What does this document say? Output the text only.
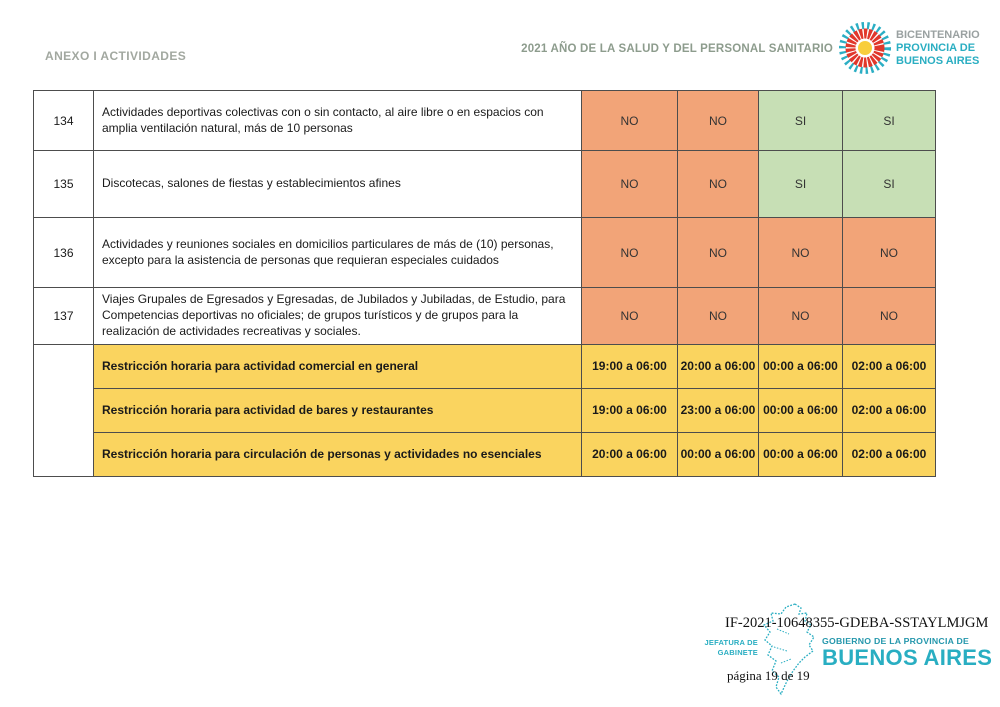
ANEXO I ACTIVIDADES	2021 AÑO DE LA SALUD Y DEL PERSONAL SANITARIO
BICENTENARIO
PROVINCIA DE
BUENOS AIRES
134	Actividades deportivas colectivas con o sin contacto, al aire libre o en espacios con amplia ventilación natural, más de 10 personas	NO	NO	SI	SI
135	Discotecas, salones de fiestas y establecimientos afines	NO	NO	SI	SI
136	Actividades y reuniones sociales en domicilios particulares de más de (10) personas, excepto para la asistencia de personas que requieran especiales cuidados	NO	NO	NO	NO
137	Viajes Grupales de Egresados y Egresadas, de Jubilados y Jubiladas, de Estudio, para Competencias deportivas no oficiales; de grupos turísticos y de grupos para la realización de actividades recreativas y sociales.	NO	NO	NO	NO
	Restricción horaria para actividad comercial en general	19:00 a 06:00	20:00 a 06:00	00:00 a 06:00	02:00 a 06:00
	Restricción horaria para actividad de bares y restaurantes	19:00 a 06:00	23:00 a 06:00	00:00 a 06:00	02:00 a 06:00
	Restricción horaria para circulación de personas y actividades no esenciales	20:00 a 06:00	00:00 a 06:00	00:00 a 06:00	02:00 a 06:00
IF-2021-10648355-GDEBA-SSTAYLMJGM
JEFATURA DE
GABINETE
GOBIERNO DE LA PROVINCIA DE
BUENOS AIRES
página 19 de 19
